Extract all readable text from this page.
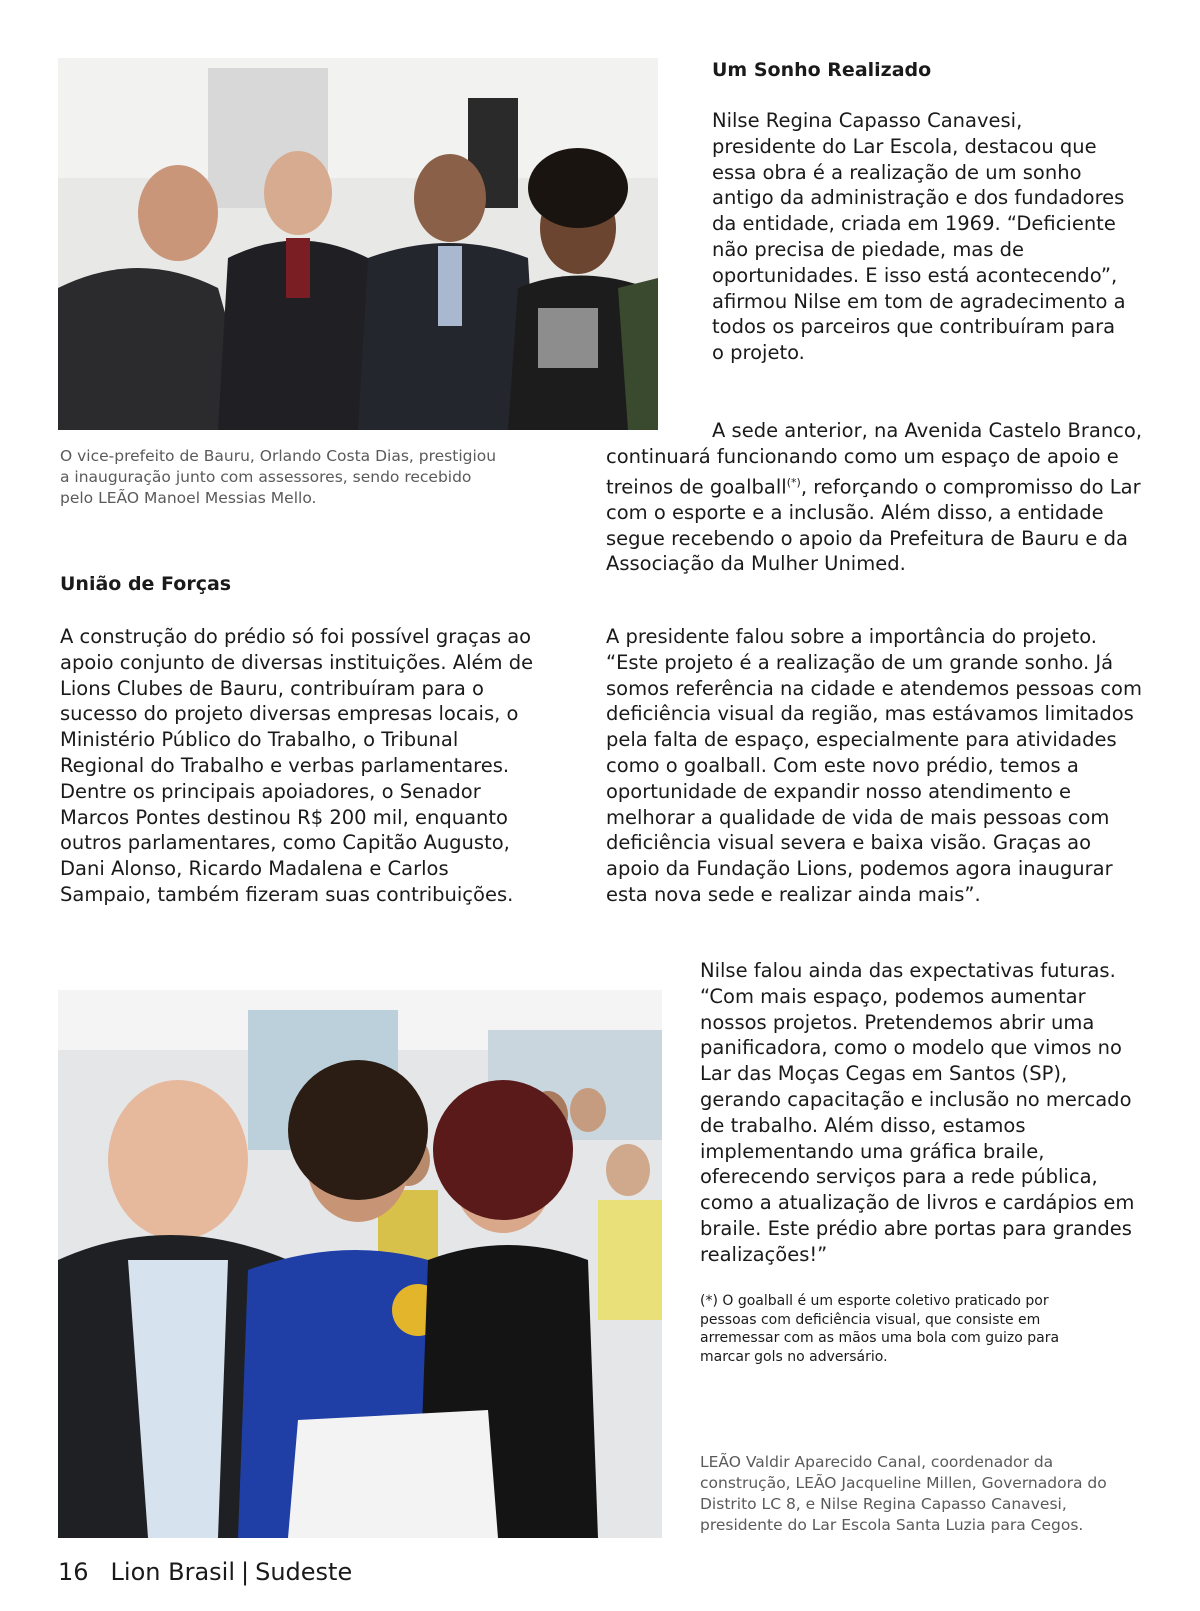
O vice-prefeito de Bauru, Orlando Costa Dias, prestigiou a inauguração junto com assessores, sendo recebido pelo LEÃO Manoel Messias Mello.
Um Sonho Realizado

Nilse Regina Capasso Canavesi, presidente do Lar Escola, destacou que essa obra é a realização de um sonho antigo da administração e dos fundadores da entidade, criada em 1969. “Deficiente não precisa de piedade, mas de oportunidades. E isso está acontecendo”, afirmou Nilse em tom de agradecimento a todos os parceiros que contribuíram para o projeto.

A sede anterior, na Avenida Castelo Branco, continuará funcionando como um espaço de apoio e treinos de goalball(*), reforçando o compromisso do Lar com o esporte e a inclusão. Além disso, a entidade segue recebendo o apoio da Prefeitura de Bauru e da Associação da Mulher Unimed.

A presidente falou sobre a importância do projeto. “Este projeto é a realização de um grande sonho. Já somos referência na cidade e atendemos pessoas com deficiência visual da região, mas estávamos limitados pela falta de espaço, especialmente para atividades como o goalball. Com este novo prédio, temos a oportunidade de expandir nosso atendimento e melhorar a qualidade de vida de mais pessoas com deficiência visual severa e baixa visão. Graças ao apoio da Fundação Lions, podemos agora inaugurar esta nova sede e realizar ainda mais”.

União de Forças

A construção do prédio só foi possível graças ao apoio conjunto de diversas instituições. Além de Lions Clubes de Bauru, contribuíram para o sucesso do projeto diversas empresas locais, o Ministério Público do Trabalho, o Tribunal Regional do Trabalho e verbas parlamentares. Dentre os principais apoiadores, o Senador Marcos Pontes destinou R$ 200 mil, enquanto outros parlamentares, como Capitão Augusto, Dani Alonso, Ricardo Madalena e Carlos Sampaio, também fizeram suas contribuições.

Nilse falou ainda das expectativas futuras. “Com mais espaço, podemos aumentar nossos projetos. Pretendemos abrir uma panificadora, como o modelo que vimos no Lar das Moças Cegas em Santos (SP), gerando capacitação e inclusão no mercado de trabalho. Além disso, estamos implementando uma gráfica braile, oferecendo serviços para a rede pública, como a atualização de livros e cardápios em braile. Este prédio abre portas para grandes realizações!”

(*) O goalball é um esporte coletivo praticado por pessoas com deficiência visual, que consiste em arremessar com as mãos uma bola com guizo para marcar gols no adversário.
LEÃO Valdir Aparecido Canal, coordenador da construção, LEÃO Jacqueline Millen, Governadora do Distrito LC 8, e Nilse Regina Capasso Canavesi, presidente do Lar Escola Santa Luzia para Cegos.
16 Lion Brasil | Sudeste
